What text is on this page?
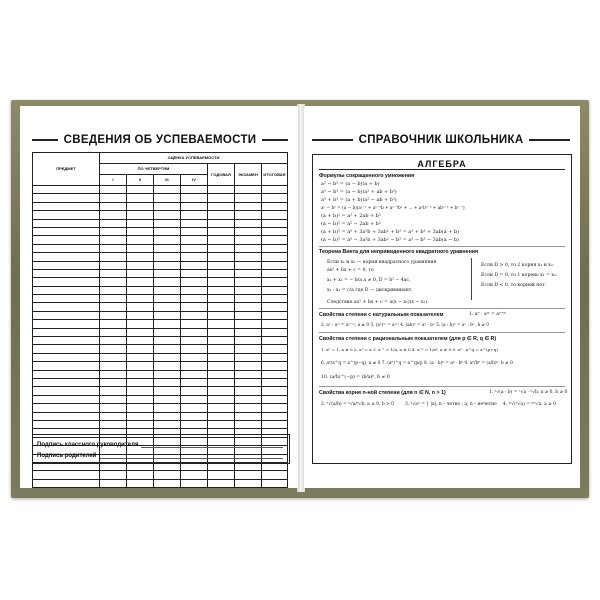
СВЕДЕНИЯ ОБ УСПЕВАЕМОСТИ
ПРЕДМЕТ	ОЦЕНКА УСПЕВАЕМОСТИ						
	ПО ЧЕТВЕРТЯМ				ГОДОВАЯ	ЭКЗАМЕН	ИТОГОВАЯ
	I	II	III	IV			

Подпись классного руководителя
Подпись родителей
СПРАВОЧНИК ШКОЛЬНИКА
АЛГЕБРА
Формулы сокращенного умножения
a² − b² = (a − b)(a + b)
a³ − b³ = (a − b)(a² + ab + b²)
a³ + b³ = (a + b)(a² − ab + b²)
aⁿ − bⁿ = (a − b)(aⁿ⁻¹ + aⁿ⁻²b + aⁿ⁻³b² + … + a²bⁿ⁻³ + abⁿ⁻² + bⁿ⁻¹)
(a + b)² = a² + 2ab + b²
(a − b)² = a² − 2ab + b²
(a + b)³ = a³ + 3a²b + 3ab² + b³ = a³ + b³ + 3ab(a + b)
(a − b)³ = a³ − 3a²b + 3ab² − b³ = a³ − b³ − 3ab(a − b)
Теорема Виета для непривиденного квадратного уравнения
Если x₁ и x₂ — корни квадратного уравнения
ax² + bx + c = 0, то
x₁ + x₂ = − b/a a ≠ 0, D = b² − 4ac,
x₁ · x₂ = c/a где D — дискриминант.
Следствие ax² + bx + c = a(x − x₁)(x − x₂).
Если D > 0, то 2 корня x₁ и x₂.
Если D = 0, то 1 корень x₁ = x₂.
Если D < 0, то корней нет.
Свойства степени с натуральным показателем	1. aⁿ · aᵐ = aⁿ⁺ᵐ
2. aⁿ : aᵐ = aⁿ⁻ᵐ, a ≠ 0 3. (aⁿ)ᵐ = aⁿᵐ 4. (ab)ⁿ = aⁿ · bⁿ 5. (a : b)ⁿ = aⁿ : bⁿ, b ≠ 0
Свойства степени с рациональным показателем (для p ∈ R, q ∈ R)
1. a⁰ = 1, a ≠ 0 2. a¹ = a 3. a⁻¹ = 1/a, a ≠ 0 4. a⁻ᵖ = 1/aᵖ, a ≠ 0 5. aᵖ · a^q = a^(p+q)
6. aᵖ/a^q = a^(p−q), a ≠ 0 7. (aᵖ)^q = a^(pq) 8. (a · b)ᵖ = aᵖ · bᵖ 9. aᵖ/bᵖ = (a/b)ᵖ, b ≠ 0
10. (a/b)^(−p) = (b/a)ᵖ, b ≠ 0
Свойства корня n-ной степени (для n ∈ N, n > 1)	1. ⁿ√(a · b) = ⁿ√a · ⁿ√b, a ≥ 0, b ≥ 0
2. ⁿ√(a/b) = ⁿ√a/ⁿ√b, a ≥ 0, b > 0	3. ⁿ√aⁿ = { |a|, n – четно ; a, n – нечетно 4. ᵐ√(ⁿ√a) = ᵐⁿ√a, a ≥ 0
